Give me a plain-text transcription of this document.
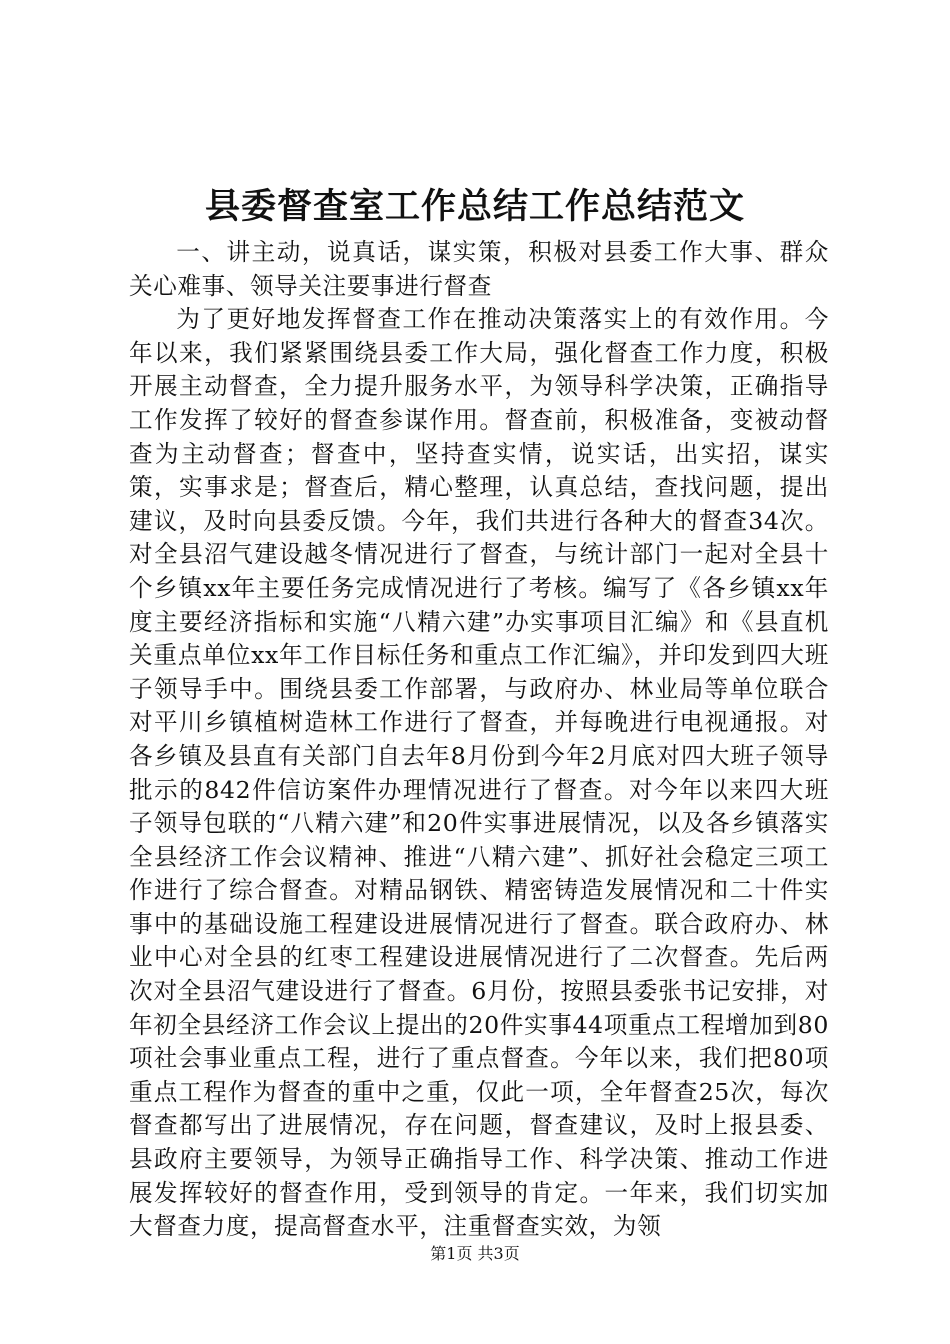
县委督查室工作总结工作总结范文

一、讲主动，说真话，谋实策，积极对县委工作大事、群众关心难事、领导关注要事进行督查

为了更好地发挥督查工作在推动决策落实上的有效作用。今年以来，我们紧紧围绕县委工作大局，强化督查工作力度，积极开展主动督查，全力提升服务水平，为领导科学决策，正确指导工作发挥了较好的督查参谋作用。督查前，积极准备，变被动督查为主动督查；督查中，坚持查实情，说实话，出实招，谋实策，实事求是；督查后，精心整理，认真总结，查找问题，提出建议，及时向县委反馈。今年，我们共进行各种大的督查34次。对全县沼气建设越冬情况进行了督查，与统计部门一起对全县十个乡镇xx年主要任务完成情况进行了考核。编写了《各乡镇xx年度主要经济指标和实施“八精六建”办实事项目汇编》和《县直机关重点单位xx年工作目标任务和重点工作汇编》，并印发到四大班子领导手中。围绕县委工作部署，与政府办、林业局等单位联合对平川乡镇植树造林工作进行了督查，并每晚进行电视通报。对各乡镇及县直有关部门自去年8月份到今年2月底对四大班子领导批示的842件信访案件办理情况进行了督查。对今年以来四大班子领导包联的“八精六建”和20件实事进展情况，以及各乡镇落实全县经济工作会议精神、推进“八精六建”、抓好社会稳定三项工作进行了综合督查。对精品钢铁、精密铸造发展情况和二十件实事中的基础设施工程建设进展情况进行了督查。联合政府办、林业中心对全县的红枣工程建设进展情况进行了二次督查。先后两次对全县沼气建设进行了督查。6月份，按照县委张书记安排，对年初全县经济工作会议上提出的20件实事44项重点工程增加到80项社会事业重点工程，进行了重点督查。今年以来，我们把80项重点工程作为督查的重中之重，仅此一项，全年督查25次，每次督查都写出了进展情况，存在问题，督查建议，及时上报县委、县政府主要领导，为领导正确指导工作、科学决策、推动工作进展发挥较好的督查作用，受到领导的肯定。一年来，我们切实加大督查力度，提高督查水平，注重督查实效，为领

第1页 共3页
